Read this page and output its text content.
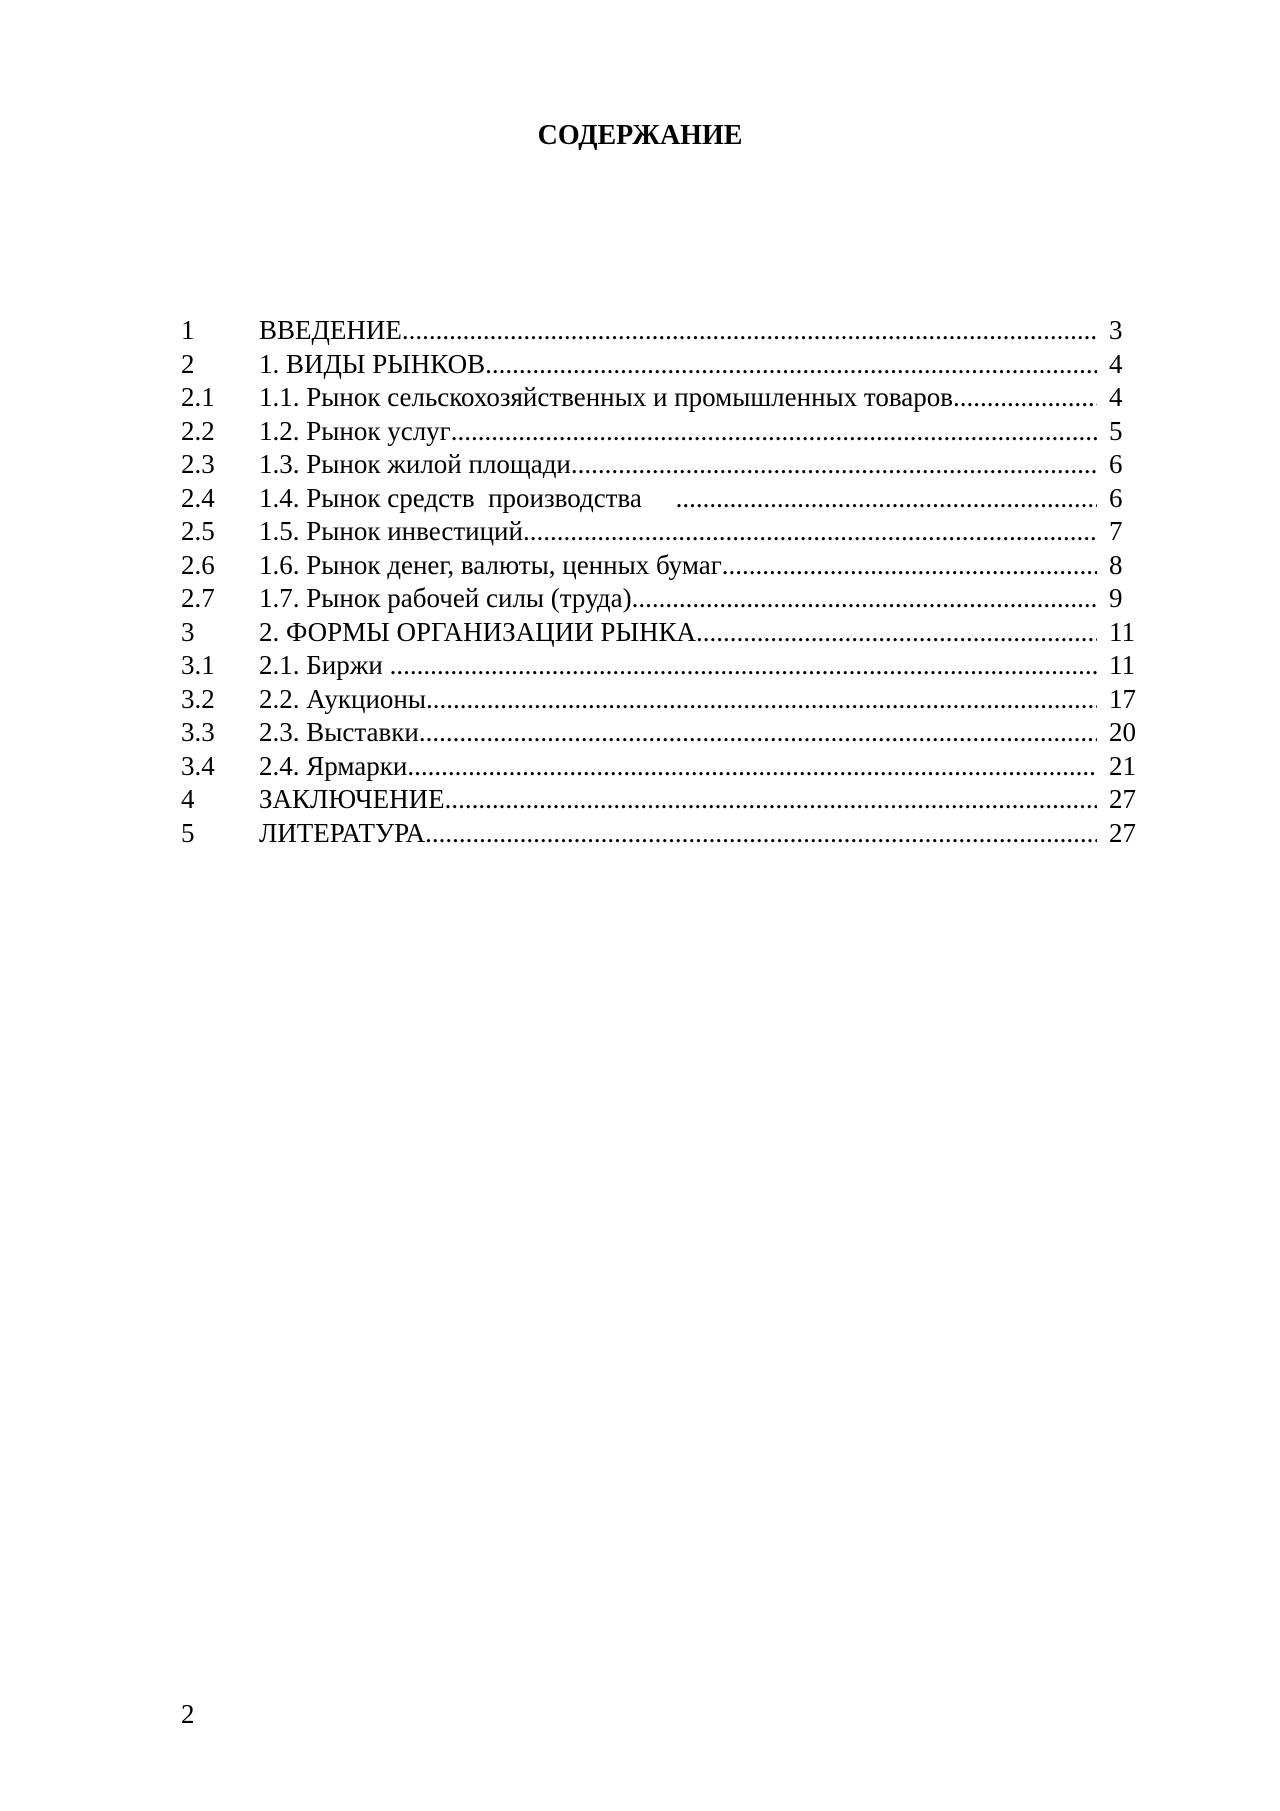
СОДЕРЖАНИЕ
1	ВВЕДЕНИЕ .....	3
2	1. ВИДЫ РЫНКОВ .....	4
2.1	1.1. Рынок сельскохозяйственных и промышленных товаров .....	4
2.2	1.2. Рынок услуг .....	5
2.3	1.3. Рынок жилой площади .....	6
2.4	1.4. Рынок средств  производства .....	6
2.5	1.5. Рынок инвестиций .....	7
2.6	1.6. Рынок денег, валюты, ценных бумаг .....	8
2.7	1.7. Рынок рабочей силы (труда) .....	9
3	2. ФОРМЫ ОРГАНИЗАЦИИ РЫНКА .....	11
3.1	2.1. Биржи .....	11
3.2	2.2. Аукционы .....	17
3.3	2.3. Выставки .....	20
3.4	2.4. Ярмарки .....	21
4	ЗАКЛЮЧЕНИЕ .....	27
5	ЛИТЕРАТУРА .....	27
2
